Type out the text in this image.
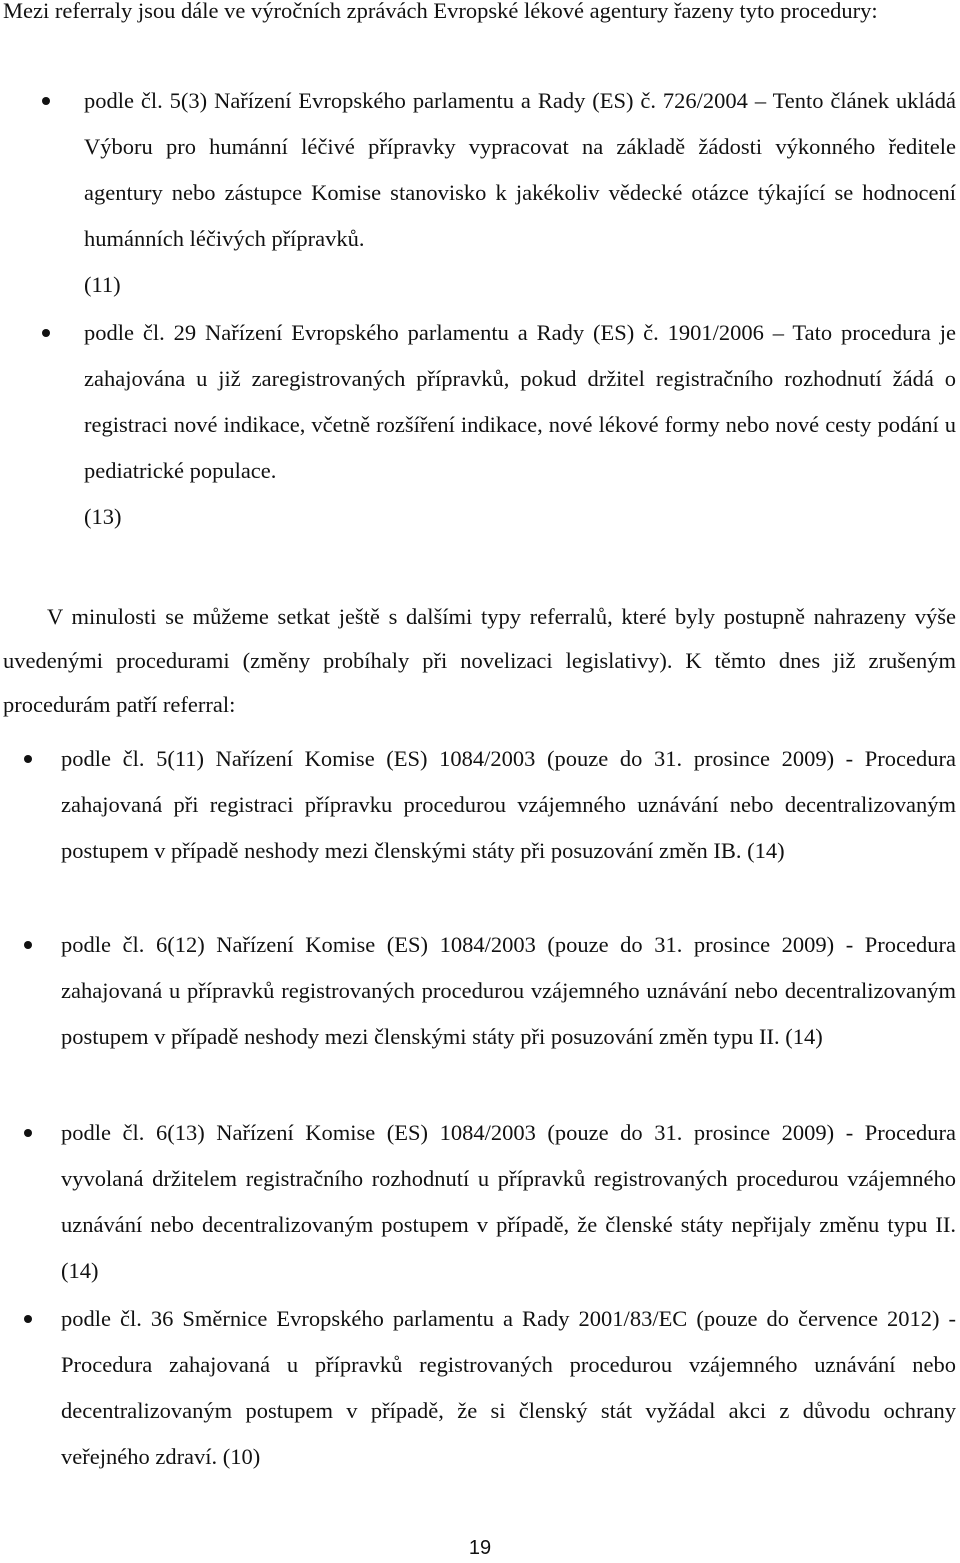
Mezi referraly jsou dále ve výročních zprávách Evropské lékové agentury řazeny tyto procedury:

podle čl. 5(3) Nařízení Evropského parlamentu a Rady (ES) č. 726/2004 – Tento článek ukládá Výboru pro humánní léčivé přípravky vypracovat na základě žádosti výkonného ředitele agentury nebo zástupce Komise stanovisko k jakékoliv vědecké otázce týkající se hodnocení humánních léčivých přípravků.
(11)
podle čl. 29 Nařízení Evropského parlamentu a Rady (ES) č. 1901/2006 – Tato procedura je zahajována u již zaregistrovaných přípravků, pokud držitel registračního rozhodnutí žádá o registraci nové indikace, včetně rozšíření indikace, nové lékové formy nebo nové cesty podání u pediatrické populace.
(13)

V minulosti se můžeme setkat ještě s dalšími typy referralů, které byly postupně nahrazeny výše uvedenými procedurami (změny probíhaly při novelizaci legislativy). K těmto dnes již zrušeným procedurám patří referral:

podle čl. 5(11) Nařízení Komise (ES) 1084/2003 (pouze do 31. prosince 2009) - Procedura zahajovaná při registraci přípravku procedurou vzájemného uznávání nebo decentralizovaným postupem v případě neshody mezi členskými státy při posuzování změn IB. (14)
podle čl. 6(12) Nařízení Komise (ES) 1084/2003 (pouze do 31. prosince 2009) - Procedura zahajovaná u přípravků registrovaných procedurou vzájemného uznávání nebo decentralizovaným postupem v případě neshody mezi členskými státy při posuzování změn typu II. (14)
podle čl. 6(13) Nařízení Komise (ES) 1084/2003 (pouze do 31. prosince 2009) - Procedura vyvolaná držitelem registračního rozhodnutí u přípravků registrovaných procedurou vzájemného uznávání nebo decentralizovaným postupem v případě, že členské státy nepřijaly změnu typu II. (14)
podle čl. 36 Směrnice Evropského parlamentu a Rady 2001/83/EC (pouze do července 2012) - Procedura zahajovaná u přípravků registrovaných procedurou vzájemného uznávání nebo decentralizovaným postupem v případě, že si členský stát vyžádal akci z důvodu ochrany veřejného zdraví. (10)
19
